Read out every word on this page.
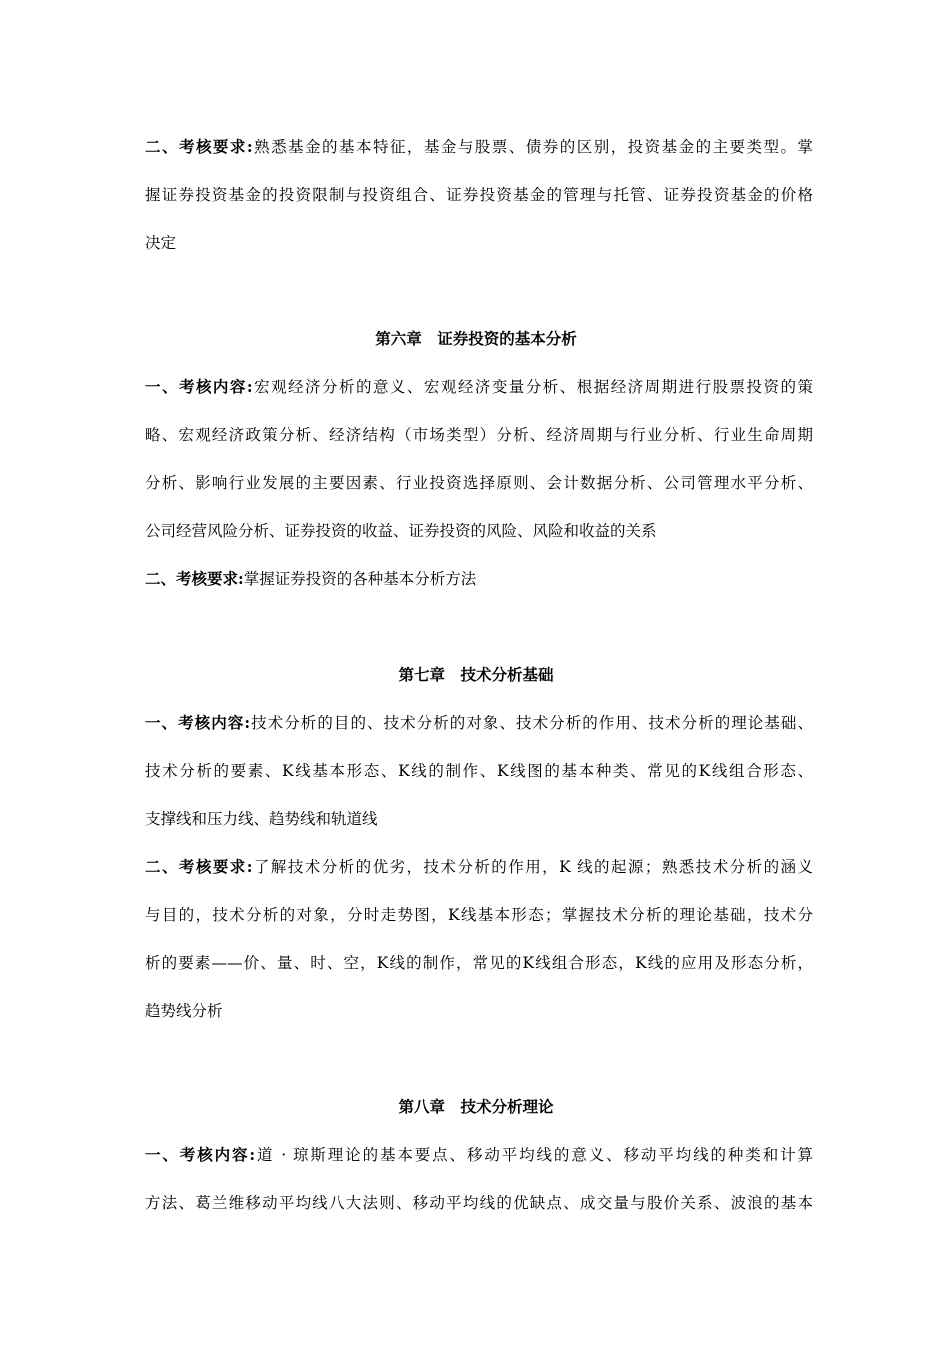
二、考核要求:熟悉基金的基本特征，基金与股票、债券的区别，投资基金的主要类型。掌
握证券投资基金的投资限制与投资组合、证券投资基金的管理与托管、证券投资基金的价格
决定
第六章　证券投资的基本分析
一、考核内容:宏观经济分析的意义、宏观经济变量分析、根据经济周期进行股票投资的策
略、宏观经济政策分析、经济结构（市场类型）分析、经济周期与行业分析、行业生命周期
分析、影响行业发展的主要因素、行业投资选择原则、会计数据分析、公司管理水平分析、
公司经营风险分析、证券投资的收益、证券投资的风险、风险和收益的关系
二、考核要求:掌握证券投资的各种基本分析方法
第七章　技术分析基础
一、考核内容:技术分析的目的、技术分析的对象、技术分析的作用、技术分析的理论基础、
技术分析的要素、K线基本形态、K线的制作、K线图的基本种类、常见的K线组合形态、
支撑线和压力线、趋势线和轨道线
二、考核要求:了解技术分析的优劣，技术分析的作用，K 线的起源；熟悉技术分析的涵义
与目的，技术分析的对象，分时走势图，K线基本形态；掌握技术分析的理论基础，技术分
析的要素——价、量、时、空，K线的制作，常见的K线组合形态，K线的应用及形态分析，
趋势线分析
第八章　技术分析理论
一、考核内容:道 · 琼斯理论的基本要点、移动平均线的意义、移动平均线的种类和计算
方法、葛兰维移动平均线八大法则、移动平均线的优缺点、成交量与股价关系、波浪的基本
